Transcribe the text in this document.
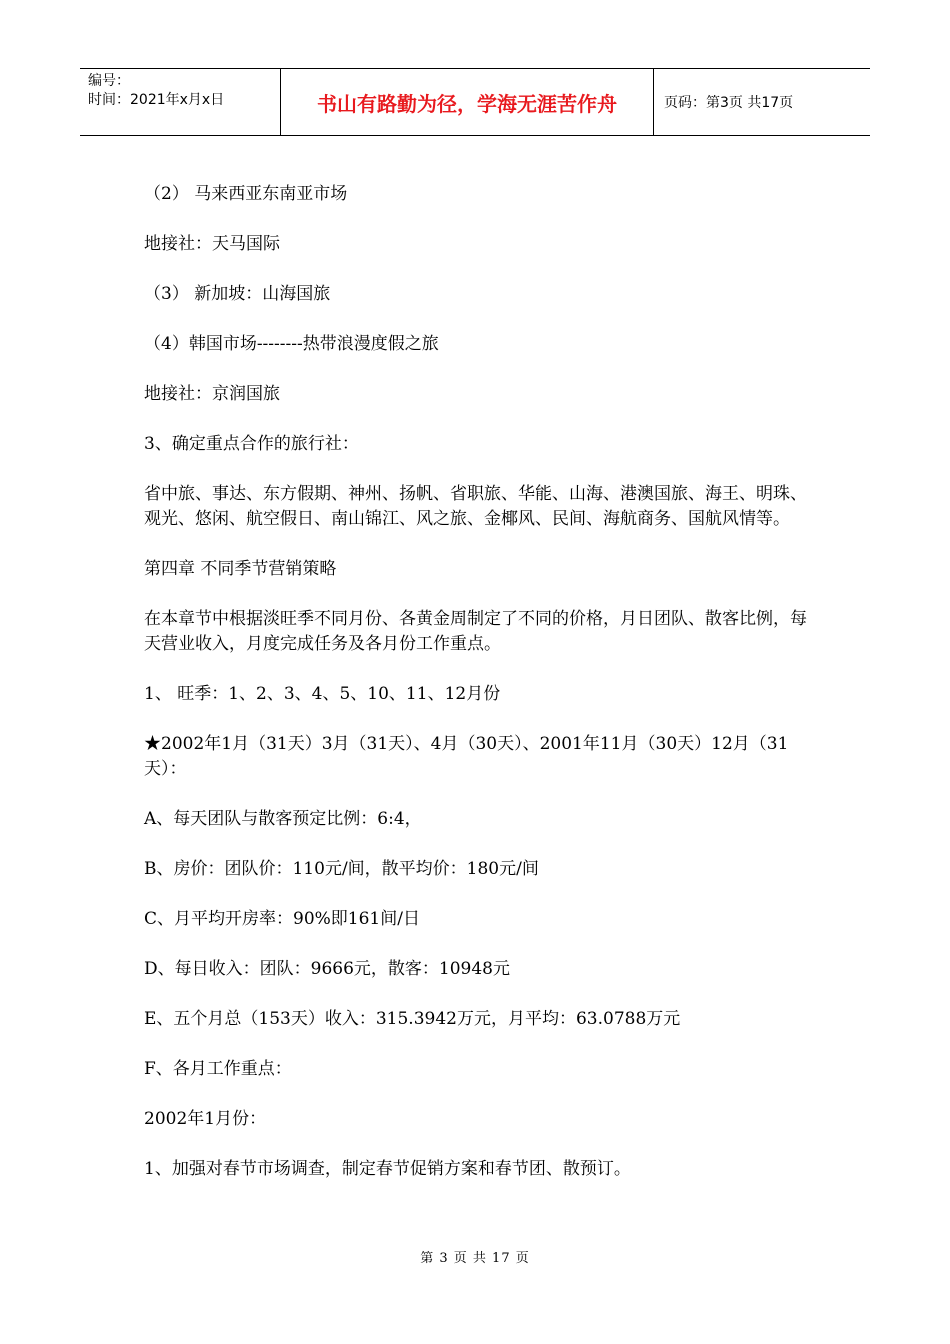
编号：
时间：2021年x月x日	书山有路勤为径，学海无涯苦作舟	页码：第3页 共17页

（2） 马来西亚东南亚市场

地接社：天马国际

（3） 新加坡：山海国旅

（4）韩国市场--------热带浪漫度假之旅

地接社：京润国旅

3、确定重点合作的旅行社：

省中旅、事达、东方假期、神州、扬帆、省职旅、华能、山海、港澳国旅、海王、明珠、观光、悠闲、航空假日、南山锦江、风之旅、金椰风、民间、海航商务、国航风情等。

第四章 不同季节营销策略

在本章节中根据淡旺季不同月份、各黄金周制定了不同的价格，月日团队、散客比例，每天营业收入，月度完成任务及各月份工作重点。

1、 旺季：1、2、3、4、5、10、11、12月份

★2002年1月（31天）3月（31天）、4月（30天）、2001年11月（30天）12月（31天）：

A、每天团队与散客预定比例：6:4，

B、房价：团队价：110元/间，散平均价：180元/间

C、月平均开房率：90%即161间/日

D、每日收入：团队：9666元，散客：10948元

E、五个月总（153天）收入：315.3942万元，月平均：63.0788万元

F、各月工作重点：

2002年1月份：

1、加强对春节市场调查，制定春节促销方案和春节团、散预订。

第 3 页 共 17 页
